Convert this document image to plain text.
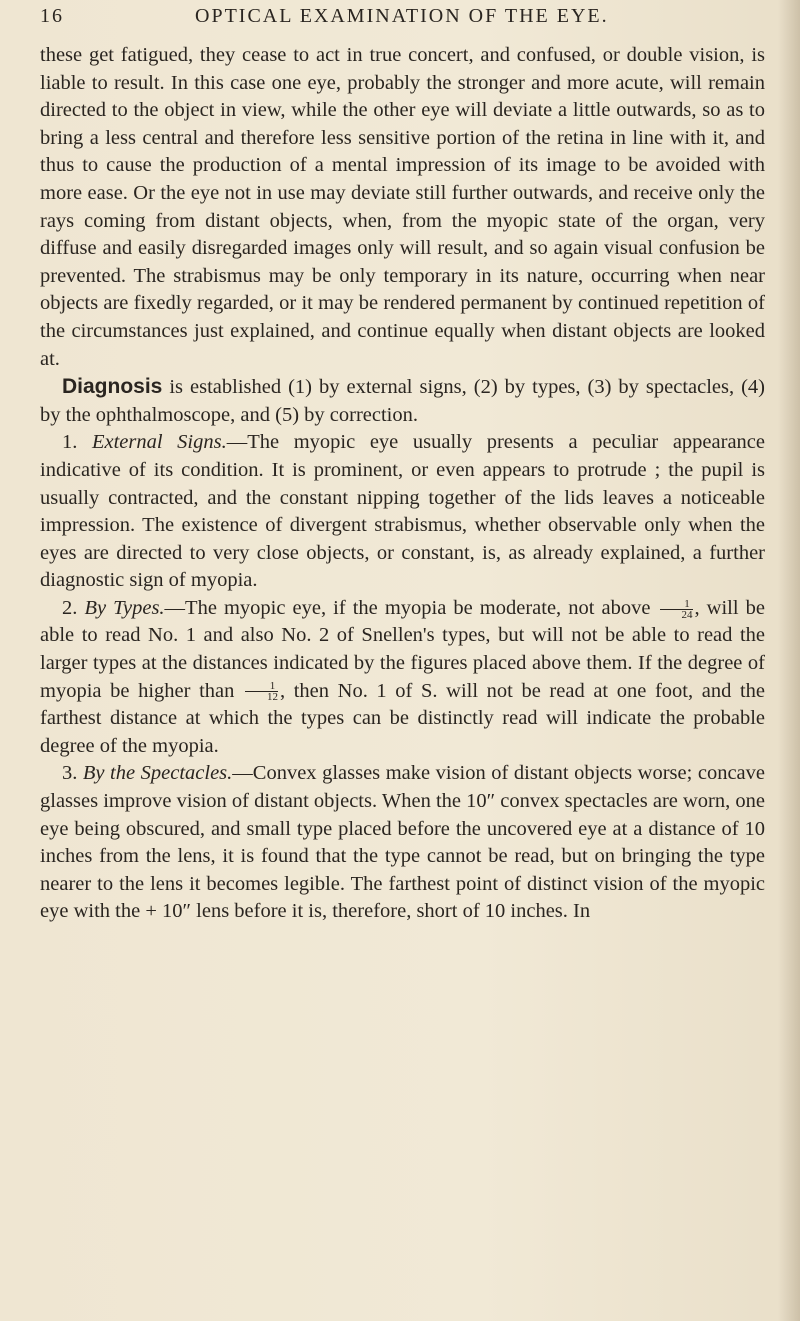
16	OPTICAL EXAMINATION OF THE EYE.

these get fatigued, they cease to act in true concert, and confused, or double vision, is liable to result. In this case one eye, probably the stronger and more acute, will remain directed to the object in view, while the other eye will deviate a little outwards, so as to bring a less central and therefore less sensitive portion of the retina in line with it, and thus to cause the production of a mental impression of its image to be avoided with more ease. Or the eye not in use may deviate still further outwards, and receive only the rays coming from distant objects, when, from the myopic state of the organ, very diffuse and easily disregarded images only will result, and so again visual confusion be prevented. The strabismus may be only temporary in its nature, occurring when near objects are fixedly regarded, or it may be rendered permanent by continued repetition of the circumstances just explained, and continue equally when distant objects are looked at.

Diagnosis is established (1) by external signs, (2) by types, (3) by spectacles, (4) by the ophthalmoscope, and (5) by correction.

1. External Signs.—The myopic eye usually presents a peculiar appearance indicative of its condition. It is prominent, or even appears to protrude ; the pupil is usually contracted, and the constant nipping together of the lids leaves a noticeable impression. The existence of divergent strabismus, whether observable only when the eyes are directed to very close objects, or constant, is, as already explained, a further diagnostic sign of myopia.

2. By Types.—The myopic eye, if the myopia be moderate, not above $\frac{1}{24}$ , will be able to read No. 1 and also No. 2 of Snellen's types, but will not be able to read the larger types at the distances indicated by the figures placed above them. If the degree of myopia be higher than $\frac{1}{12}$ , then No. 1 of S. will not be read at one foot, and the farthest distance at which the types can be distinctly read will indicate the probable degree of the myopia.

3. By the Spectacles.—Convex glasses make vision of distant objects worse; concave glasses improve vision of distant objects. When the 10″ convex spectacles are worn, one eye being obscured, and small type placed before the uncovered eye at a distance of 10 inches from the lens, it is found that the type cannot be read, but on bringing the type nearer to the lens it becomes legible. The farthest point of distinct vision of the myopic eye with the + 10″ lens before it is, therefore, short of 10 inches. In
